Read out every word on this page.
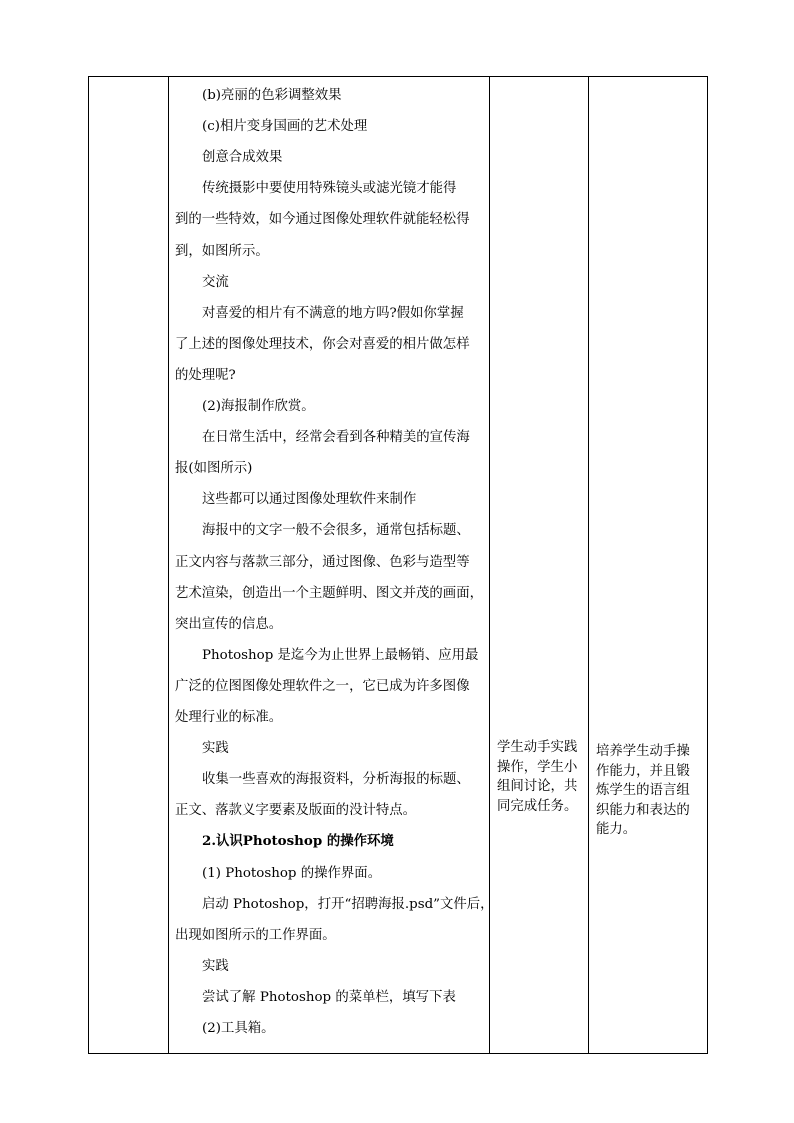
(b)亮丽的色彩调整效果
(c)相片变身国画的艺术处理
创意合成效果
传统摄影中要使用特殊镜头或滤光镜才能得
到的一些特效，如今通过图像处理软件就能轻松得
到，如图所示。
交流
对喜爱的相片有不满意的地方吗?假如你掌握
了上述的图像处理技术，你会对喜爱的相片做怎样
的处理呢?
(2)海报制作欣赏。
在日常生活中，经常会看到各种精美的宣传海
报(如图所示)
这些都可以通过图像处理软件来制作
海报中的文字一般不会很多，通常包括标题、
正文内容与落款三部分，通过图像、色彩与造型等
艺术渲染，创造出一个主题鲜明、图文并茂的画面，
突出宣传的信息。
Photoshop 是迄今为止世界上最畅销、应用最
广泛的位图图像处理软件之一，它已成为许多图像
处理行业的标准。
实践
收集一些喜欢的海报资料，分析海报的标题、
正文、落款义字要素及版面的没计特点。
2.认识Photoshop 的操作环境
(1) Photoshop 的操作界面。
启动 Photoshop，打开“招聘海报.psd”文件后，
出现如图所示的工作界面。
实践
尝试了解 Photoshop 的菜单栏，填写下表
(2)工具箱。

学生动手实践操作，学生小组间讨论，共同完成任务。

培养学生动手操作能力，并且锻炼学生的语言组织能力和表达的能力。
